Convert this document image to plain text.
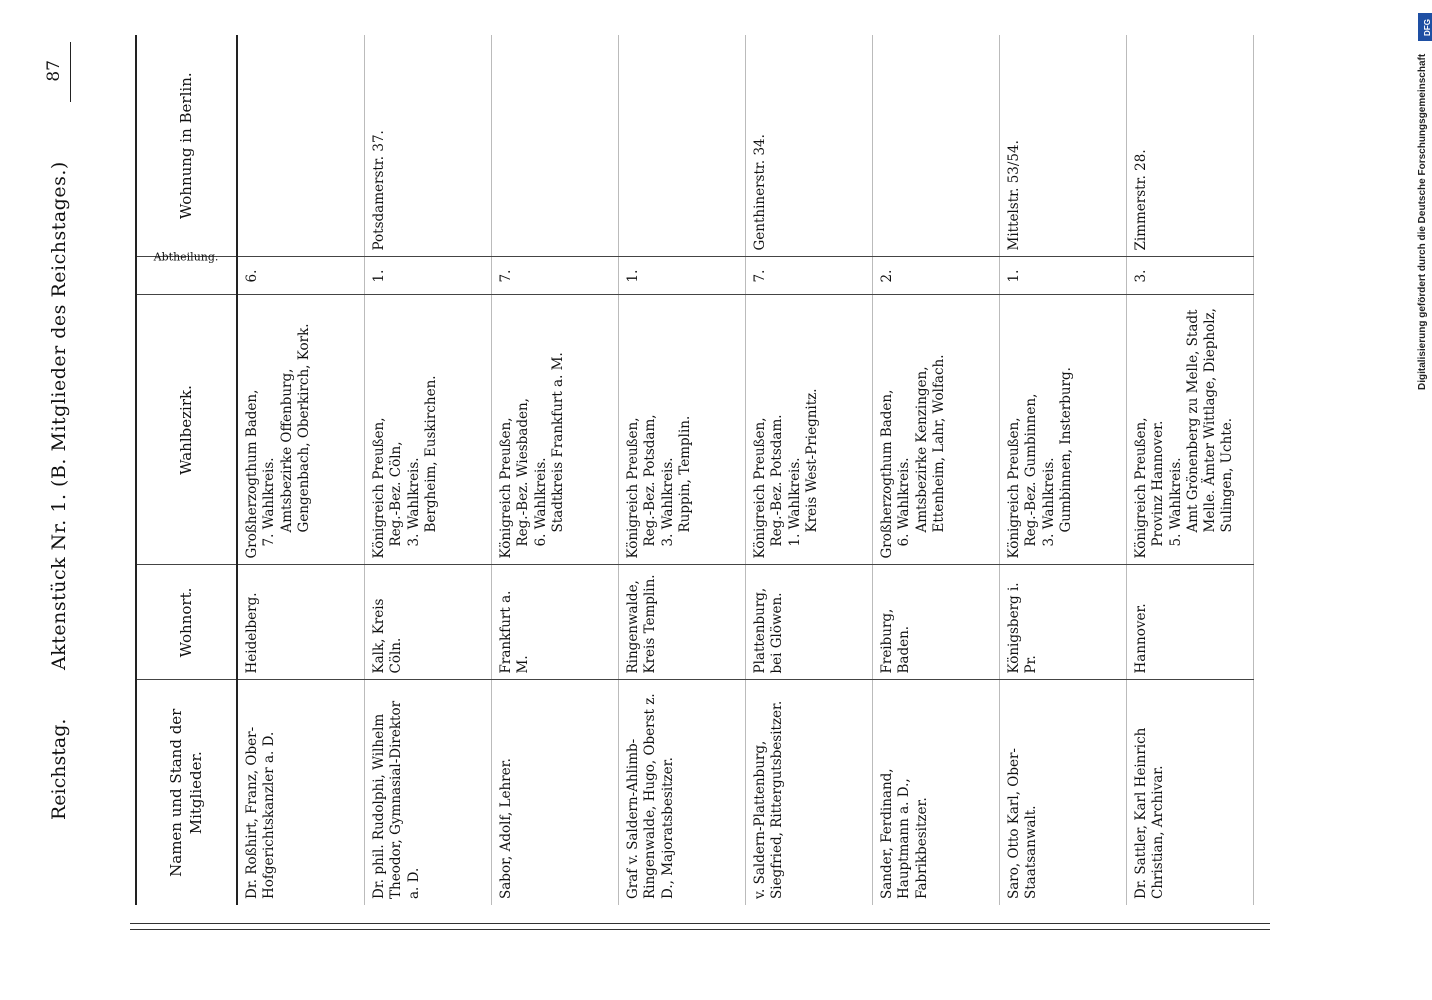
Reichstag.
Aktenstück Nr. 1. (B. Mitglieder des Reichstages.)
87
Namen und Stand der Mitglieder.	Wohnort.	Wahlbezirk.	Abtheilung.	Wohnung in Berlin.
Dr. Roßhirt, Franz, Ober-Hofgerichtskanzler a. D.	Heidelberg.	Großherzogthum Baden, 7. Wahlkreis. Amtsbezirke Offenburg, Gengenbach, Oberkirch, Kork.	6.	
Dr. phil. Rudolphi, Wilhelm Theodor, Gymnasial-Direktor a. D.	Kalk, Kreis Cöln.	Königreich Preußen, Reg.-Bez. Cöln, 3. Wahlkreis. Bergheim, Euskirchen.	1.	Potsdamerstr. 37.
Sabor, Adolf, Lehrer.	Frankfurt a. M.	Königreich Preußen, Reg.-Bez. Wiesbaden, 6. Wahlkreis. Stadtkreis Frankfurt a. M.	7.	
Graf v. Saldern-Ahlimb-Ringenwalde, Hugo, Oberst z. D., Majoratsbesitzer.	Ringenwalde, Kreis Templin.	Königreich Preußen, Reg.-Bez. Potsdam, 3. Wahlkreis. Ruppin, Templin.	1.	
v. Saldern-Plattenburg, Siegfried, Rittergutsbesitzer.	Plattenburg, bei Glöwen.	Königreich Preußen, Reg.-Bez. Potsdam. 1. Wahlkreis. Kreis West-Priegnitz.	7.	Genthinerstr. 34.
Sander, Ferdinand, Hauptmann a. D., Fabrikbesitzer.	Freiburg, Baden.	Großherzogthum Baden, 6. Wahlkreis. Amtsbezirke Kenzingen, Ettenheim, Lahr, Wolfach.	2.	
Saro, Otto Karl, Ober-Staatsanwalt.	Königsberg i. Pr.	Königreich Preußen, Reg.-Bez. Gumbinnen, 3. Wahlkreis. Gumbinnen, Insterburg.	1.	Mittelstr. 53/54.
Dr. Sattler, Karl Heinrich Christian, Archivar.	Hannover.	Königreich Preußen, Provinz Hannover. 5. Wahlkreis. Amt Grönenberg zu Melle, Stadt Melle. Ämter Wittlage, Diepholz, Sulingen, Uchte.	3.	Zimmerstr. 28.	Digitalisierung gefördert durch die Deutsche Forschungsgemeinschaft
DFG
